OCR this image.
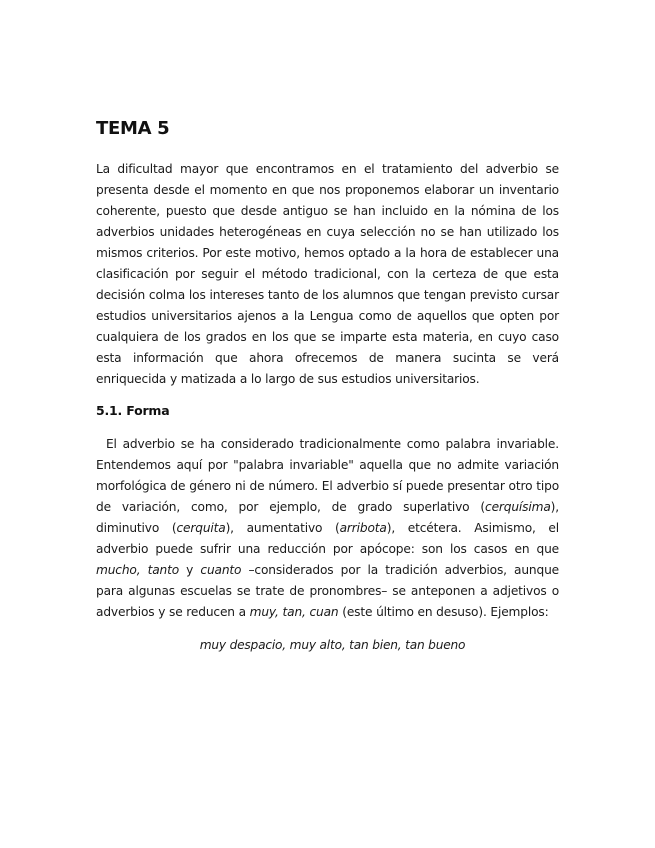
TEMA 5

La dificultad mayor que encontramos en el tratamiento del adverbio se presenta desde el momento en que nos proponemos elaborar un inventario coherente, puesto que desde antiguo se han incluido en la nómina de los adverbios unidades heterogéneas en cuya selección no se han utilizado los mismos criterios. Por este motivo, hemos optado a la hora de establecer una clasificación por seguir el método tradicional, con la certeza de que esta decisión colma los intereses tanto de los alumnos que tengan previsto cursar estudios universitarios ajenos a la Lengua como de aquellos que opten por cualquiera de los grados en los que se imparte esta materia, en cuyo caso esta información que ahora ofrecemos de manera sucinta se verá enriquecida y matizada a lo largo de sus estudios universitarios.

5.1. Forma

El adverbio se ha considerado tradicionalmente como palabra invariable. Entendemos aquí por "palabra invariable" aquella que no admite variación morfológica de género ni de número. El adverbio sí puede presentar otro tipo de variación, como, por ejemplo, de grado superlativo (cerquísima), diminutivo (cerquita), aumentativo (arribota), etcétera. Asimismo, el adverbio puede sufrir una reducción por apócope: son los casos en que mucho, tanto y cuanto –considerados por la tradición adverbios, aunque para algunas escuelas se trate de pronombres– se anteponen a adjetivos o adverbios y se reducen a muy, tan, cuan (este último en desuso). Ejemplos:

muy despacio, muy alto, tan bien, tan bueno
